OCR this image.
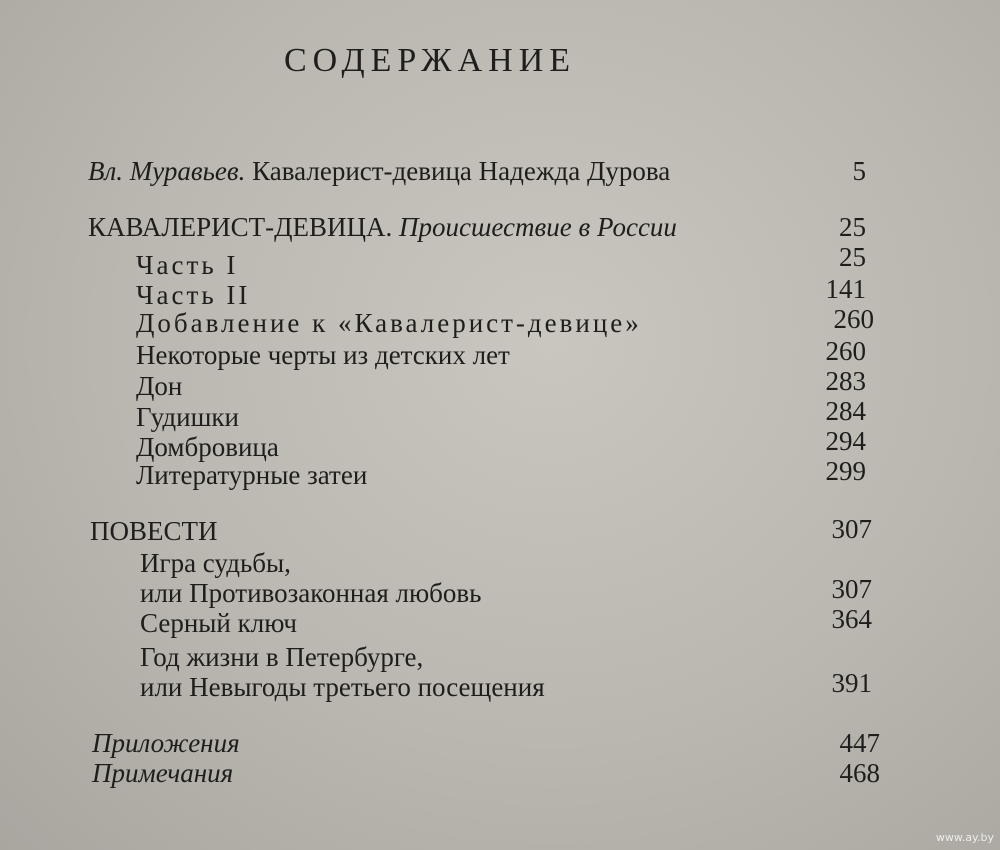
СОДЕРЖАНИЕ
Вл. Муравьев. Кавалерист-девица Надежда Дурова	5
КАВАЛЕРИСТ-ДЕВИЦА. Происшествие в России	25
Часть I	25
Часть II	141
Добавление к «Кавалерист-девице»	260
Некоторые черты из детских лет	260
Дон	283
Гудишки	284
Домбровица	294
Литературные затеи	299
ПОВЕСТИ	307
Игра судьбы,
или Противозаконная любовь	307
Серный ключ	364
Год жизни в Петербурге,
или Невыгоды третьего посещения	391
Приложения	447
Примечания	468
www.ay.by
